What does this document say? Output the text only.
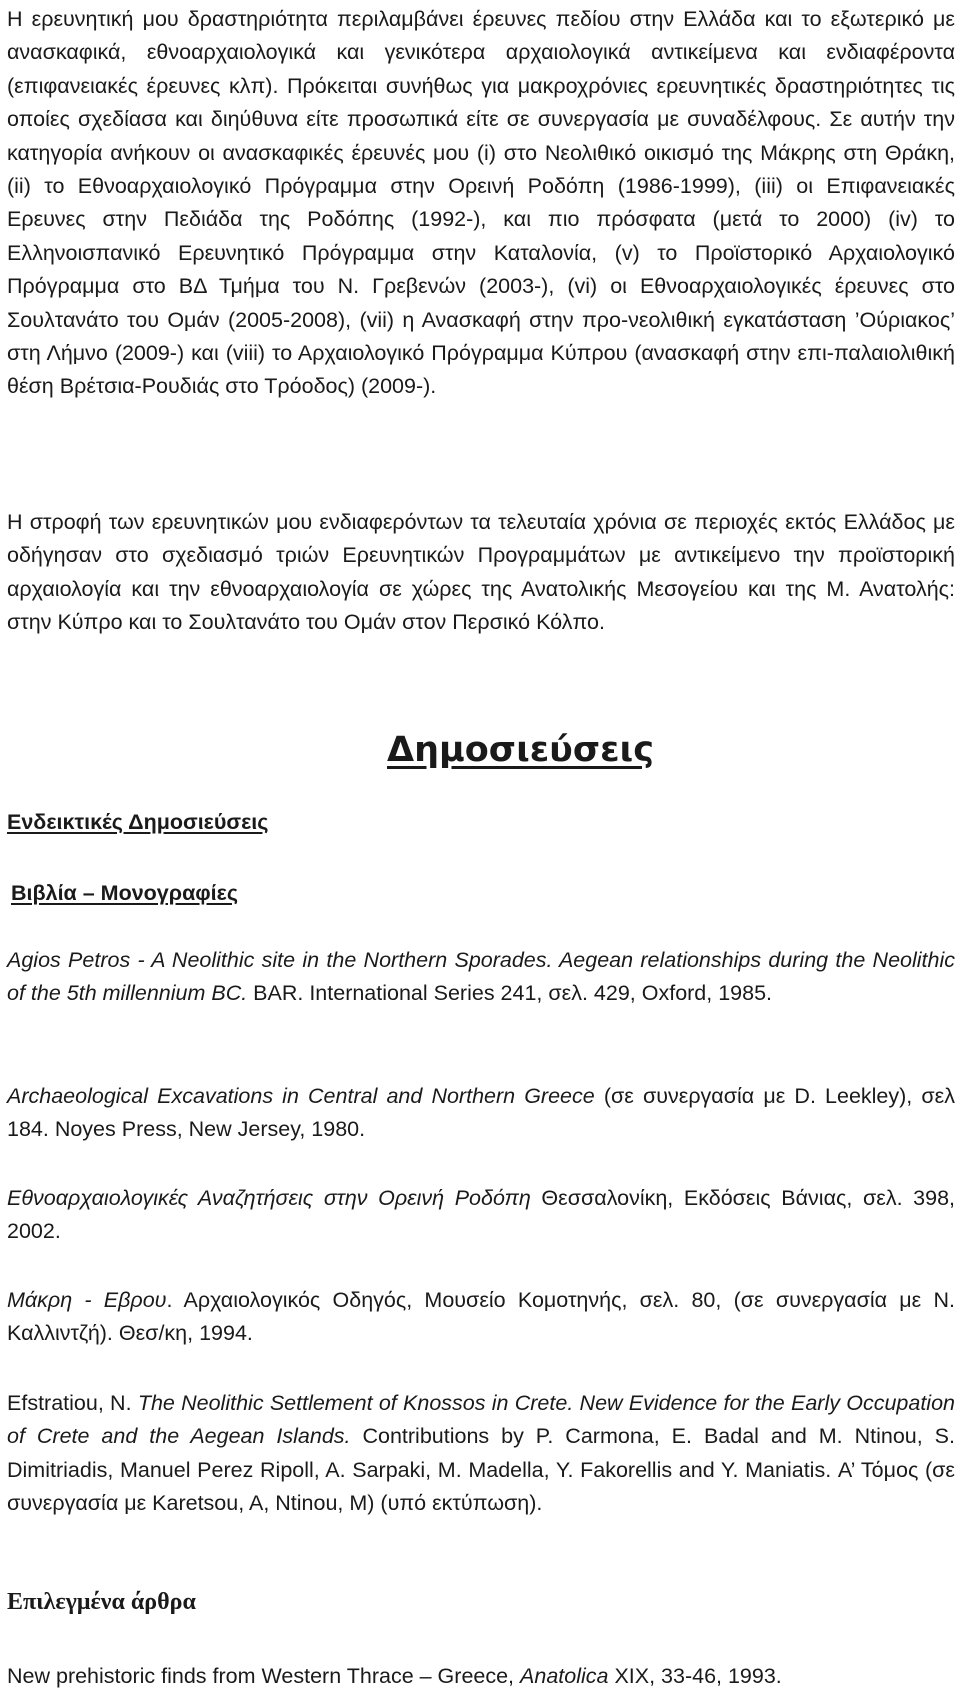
Η ερευνητική μου δραστηριότητα περιλαμβάνει έρευνες πεδίου στην Ελλάδα και το εξωτερικό με ανασκαφικά, εθνοαρχαιολογικά και γενικότερα αρχαιολογικά αντικείμενα και ενδιαφέροντα (επιφανειακές έρευνες κλπ). Πρόκειται συνήθως για μακροχρόνιες ερευνητικές δραστηριότητες τις οποίες σχεδίασα και διηύθυνα είτε προσωπικά είτε σε συνεργασία με συναδέλφους. Σε αυτήν την κατηγορία ανήκουν οι ανασκαφικές έρευνές μου (i) στο Νεολιθικό οικισμό της Μάκρης στη Θράκη, (ii) το Εθνοαρχαιολογικό Πρόγραμμα στην Ορεινή Ροδόπη (1986-1999), (iii) οι Επιφανειακές Ερευνες στην Πεδιάδα της Ροδόπης (1992-), και πιο πρόσφατα (μετά το 2000) (iv) το Ελληνοισπανικό Ερευνητικό Πρόγραμμα στην Καταλονία, (v) το Προϊστορικό Αρχαιολογικό Πρόγραμμα στο ΒΔ Τμήμα του Ν. Γρεβενών (2003-), (vi) οι Εθνοαρχαιολογικές έρευνες στο Σουλτανάτο του Ομάν (2005-2008), (vii) η Ανασκαφή στην προ-νεολιθική εγκατάσταση ’Ούριακος’ στη Λήμνο (2009-) και (viii) το Αρχαιολογικό Πρόγραμμα Κύπρου (ανασκαφή στην επι-παλαιολιθική θέση Βρέτσια-Ρουδιάς στο Τρόοδος) (2009-).

Η στροφή των ερευνητικών μου ενδιαφερόντων τα τελευταία χρόνια σε περιοχές εκτός Ελλάδος με οδήγησαν στο σχεδιασμό τριών Ερευνητικών Προγραμμάτων με αντικείμενο την προϊστορική αρχαιολογία και την εθνοαρχαιολογία σε χώρες της Ανατολικής Μεσογείου και της Μ. Ανατολής: στην Κύπρο και το Σουλτανάτο του Ομάν στον Περσικό Κόλπο.

Δημοσιεύσεις
Ενδεικτικές Δημοσιεύσεις
Βιβλία – Μονογραφίες

Agios Petros - A Neolithic site in the Northern Sporades. Aegean relationships during the Neolithic of the 5th millennium BC. BAR. International Series 241, σελ. 429, Oxford, 1985.

Archaeological Excavations in Central and Northern Greece (σε συνεργασία με D. Leekley), σελ 184. Noyes Press, New Jersey, 1980.

Εθνοαρχαιολογικές Αναζητήσεις στην Ορεινή Ροδόπη Θεσσαλονίκη, Εκδόσεις Βάνιας, σελ. 398, 2002.

Μάκρη - Εβρου. Αρχαιολογικός Οδηγός, Μουσείο Κομοτηνής, σελ. 80, (σε συνεργασία με Ν. Καλλιντζή). Θεσ/κη, 1994.

Efstratiou, N. The Neolithic Settlement of Knossos in Crete. New Evidence for the Early Occupation of Crete and the Aegean Islands. Contributions by P. Carmona, E. Badal and M. Ntinou, S. Dimitriadis, Manuel Perez Ripoll, A. Sarpaki, M. Madella, Y. Fakorellis and Y. Maniatis. Α’ Τόμος (σε συνεργασία με Karetsou, A, Ntinou, M) (υπό εκτύπωση).

Επιλεγμένα άρθρα

New prehistoric finds from Western Thrace – Greece, Anatolica XIX, 33-46, 1993.
